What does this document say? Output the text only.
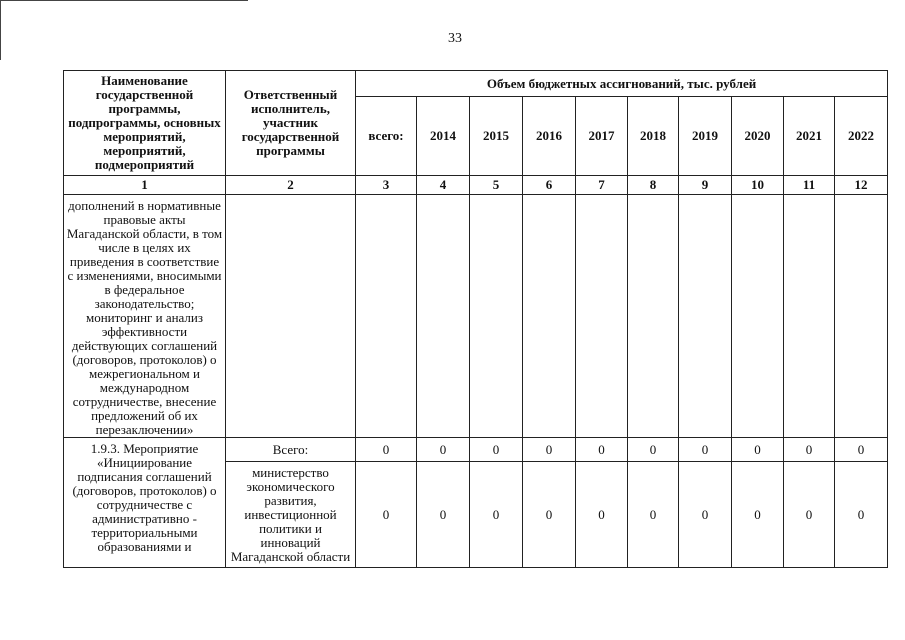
33
Наименование государственной программы, подпрограммы, основных мероприятий, мероприятий, подмероприятий	Ответственный исполнитель, участник государственной программы	Объем бюджетных ассигнований, тыс. рублей									
		всего:	2014	2015	2016	2017	2018	2019	2020	2021	2022
1	2	3	4	5	6	7	8	9	10	11	12
дополнений в нормативные правовые акты Магаданской области, в том числе в целях их приведения в соответствие с изменениями, вносимыми в федеральное законодательство; мониторинг и анализ эффективности действующих соглашений (договоров, протоколов) о межрегиональном и международном сотрудничестве, внесение предложений об их перезаключении»											
1.9.3. Мероприятие «Инициирование подписания соглашений (договоров, протоколов) о сотрудничестве с административно - территориальными образованиями и	Всего:	0	0	0	0	0	0	0	0	0	0
	министерство экономического развития, инвестиционной политики и инноваций Магаданской области	0	0	0	0	0	0	0	0	0	0
